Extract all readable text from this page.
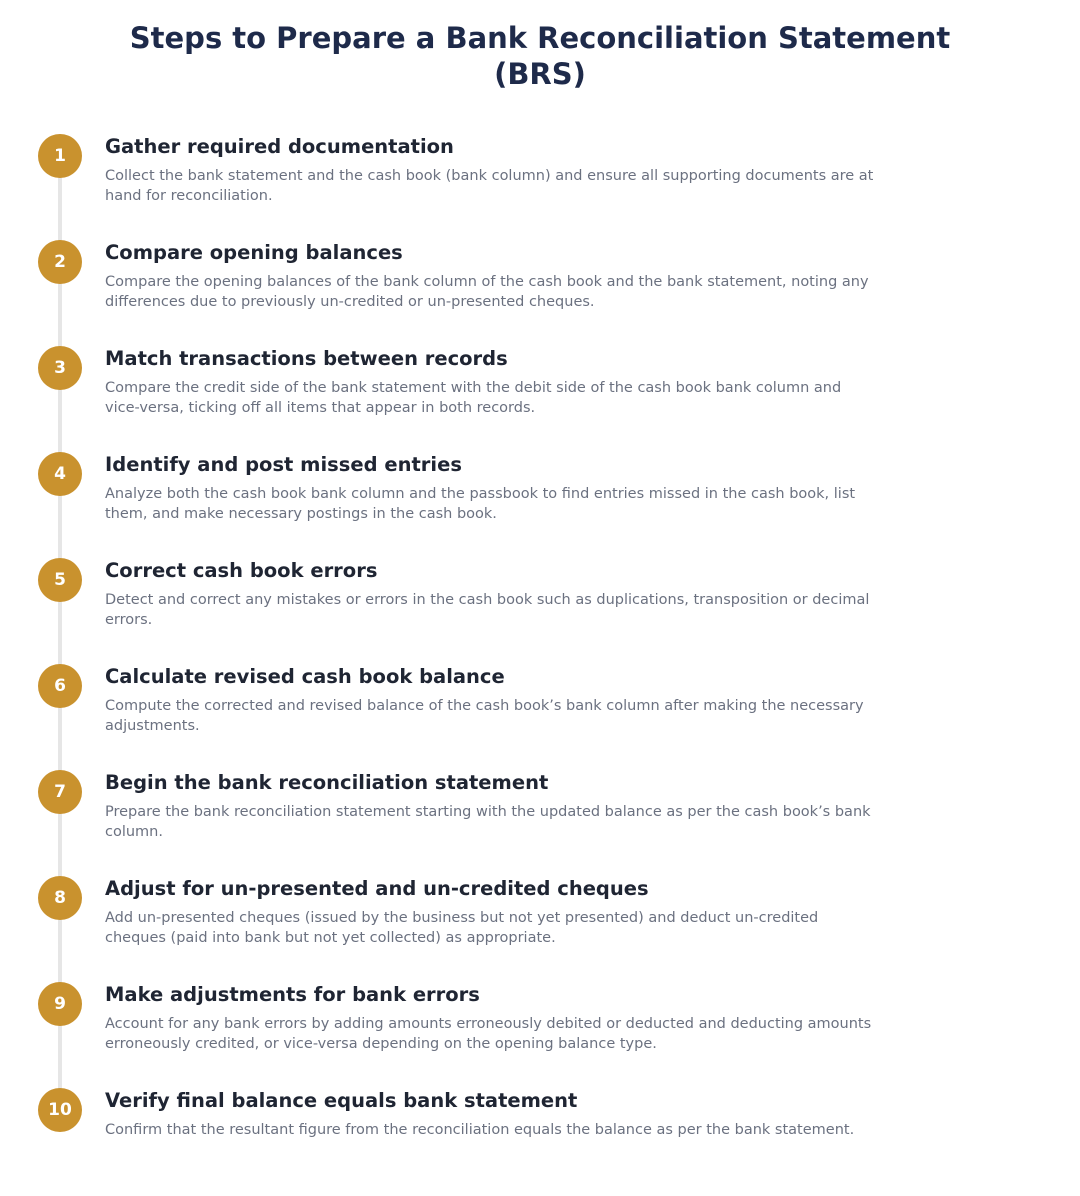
Steps to Prepare a Bank Reconciliation Statement (BRS)
1	Gather required documentation

Collect the bank statement and the cash book (bank column) and ensure all supporting documents are at hand for reconciliation.

2	Compare opening balances

Compare the opening balances of the bank column of the cash book and the bank statement, noting any differences due to previously un-credited or un-presented cheques.

3	Match transactions between records

Compare the credit side of the bank statement with the debit side of the cash book bank column and vice-versa, ticking off all items that appear in both records.

4	Identify and post missed entries

Analyze both the cash book bank column and the passbook to find entries missed in the cash book, list them, and make necessary postings in the cash book.

5	Correct cash book errors

Detect and correct any mistakes or errors in the cash book such as duplications, transposition or decimal errors.

6	Calculate revised cash book balance

Compute the corrected and revised balance of the cash book’s bank column after making the necessary adjustments.

7	Begin the bank reconciliation statement

Prepare the bank reconciliation statement starting with the updated balance as per the cash book’s bank column.

8	Adjust for un-presented and un-credited cheques

Add un-presented cheques (issued by the business but not yet presented) and deduct un-credited cheques (paid into bank but not yet collected) as appropriate.

9	Make adjustments for bank errors

Account for any bank errors by adding amounts erroneously debited or deducted and deducting amounts erroneously credited, or vice-versa depending on the opening balance type.

10	Verify final balance equals bank statement

Confirm that the resultant figure from the reconciliation equals the balance as per the bank statement.
